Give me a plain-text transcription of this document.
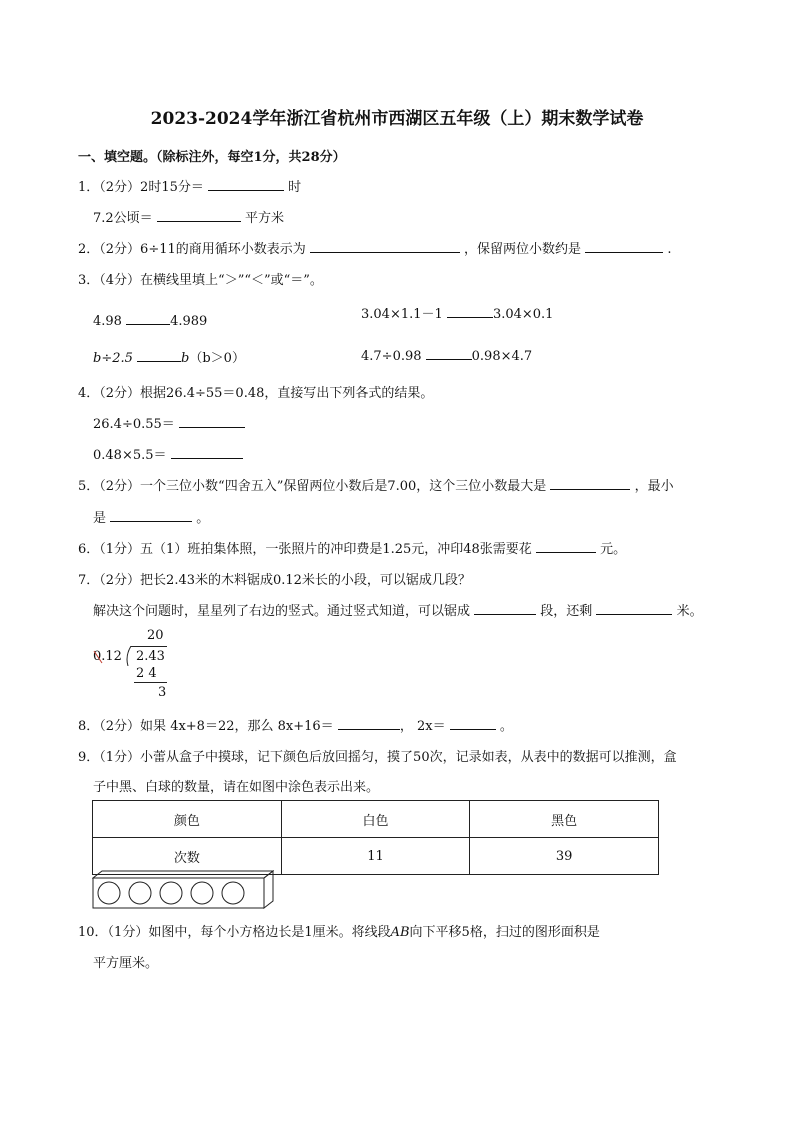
2023-2024学年浙江省杭州市西湖区五年级（上）期末数学试卷
一、填空题。（除标注外，每空1分，共28分）
1．（2分）2时15分＝	时
7.2公顷＝	平方米
2．（2分）6÷11的商用循环小数表示为	，保留两位小数约是	.
3．（4分）在横线里填上“＞”“＜”或“＝”。
4.98	4.989	3.04×1.1－1	3.04×0.1
b÷2.5	b（b＞0）	4.7÷0.98	0.98×4.7
4．（2分）根据26.4÷55＝0.48，直接写出下列各式的结果。
26.4÷0.55＝
0.48×5.5＝
5．（2分）一个三位小数“四舍五入”保留两位小数后是7.00，这个三位小数最大是	，最小
是	。
6．（1分）五（1）班拍集体照，一张照片的冲印费是1.25元，冲印48张需要花	元。
7．（2分）把长2.43米的木料锯成0.12米长的小段，可以锯成几段？
解决这个问题时，星星列了右边的竖式。通过竖式知道，可以锯成	段，还剩	米。
20
0.12 2.43
2 4
3
8．（2分）如果 4x+8＝22，那么 8x+16＝	， 2x＝	。
9．（1分）小蕾从盒子中摸球，记下颜色后放回摇匀，摸了50次，记录如表，从表中的数据可以推测，盒
子中黑、白球的数量，请在如图中涂色表示出来。
颜色	白色	黑色
次数	11	39
10．（1分）如图中，每个小方格边长是1厘米。将线段AB向下平移5格，扫过的图形面积是
平方厘米。
